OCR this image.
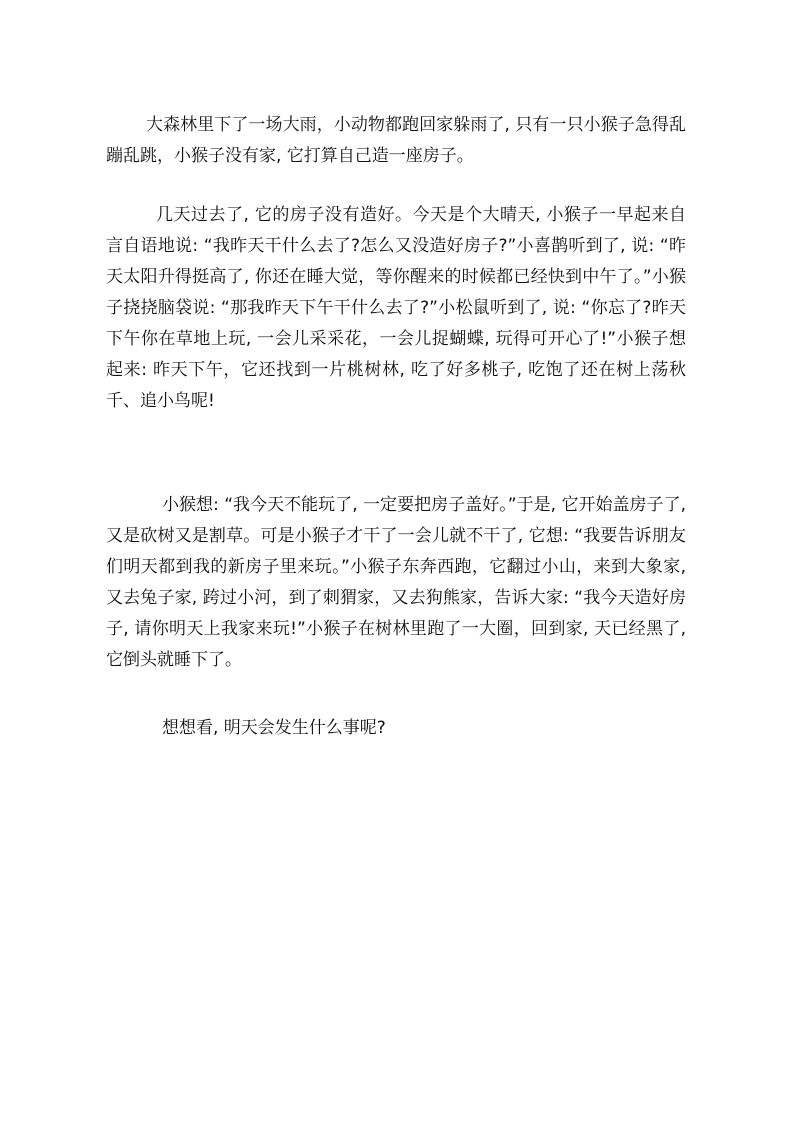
大森林里下了一场大雨，小动物都跑回家躲雨了, 只有一只小猴子急得乱蹦乱跳，小猴子没有家, 它打算自己造一座房子。

几天过去了, 它的房子没有造好。今天是个大晴天, 小猴子一早起来自言自语地说: “我昨天干什么去了?怎么又没造好房子?”小喜鹊听到了, 说: “昨天太阳升得挺高了, 你还在睡大觉，等你醒来的时候都已经快到中午了。”小猴子挠挠脑袋说: “那我昨天下午干什么去了?”小松鼠听到了, 说: “你忘了?昨天下午你在草地上玩, 一会儿采采花，一会儿捉蝴蝶, 玩得可开心了!”小猴子想起来: 昨天下午，它还找到一片桃树林, 吃了好多桃子, 吃饱了还在树上荡秋千、追小鸟呢!

小猴想: “我今天不能玩了, 一定要把房子盖好。”于是, 它开始盖房子了, 又是砍树又是割草。可是小猴子才干了一会儿就不干了, 它想: “我要告诉朋友们明天都到我的新房子里来玩。”小猴子东奔西跑，它翻过小山，来到大象家, 又去兔子家, 跨过小河，到了刺猬家，又去狗熊家，告诉大家: “我今天造好房子, 请你明天上我家来玩!”小猴子在树林里跑了一大圈，回到家, 天已经黑了, 它倒头就睡下了。

想想看, 明天会发生什么事呢?
